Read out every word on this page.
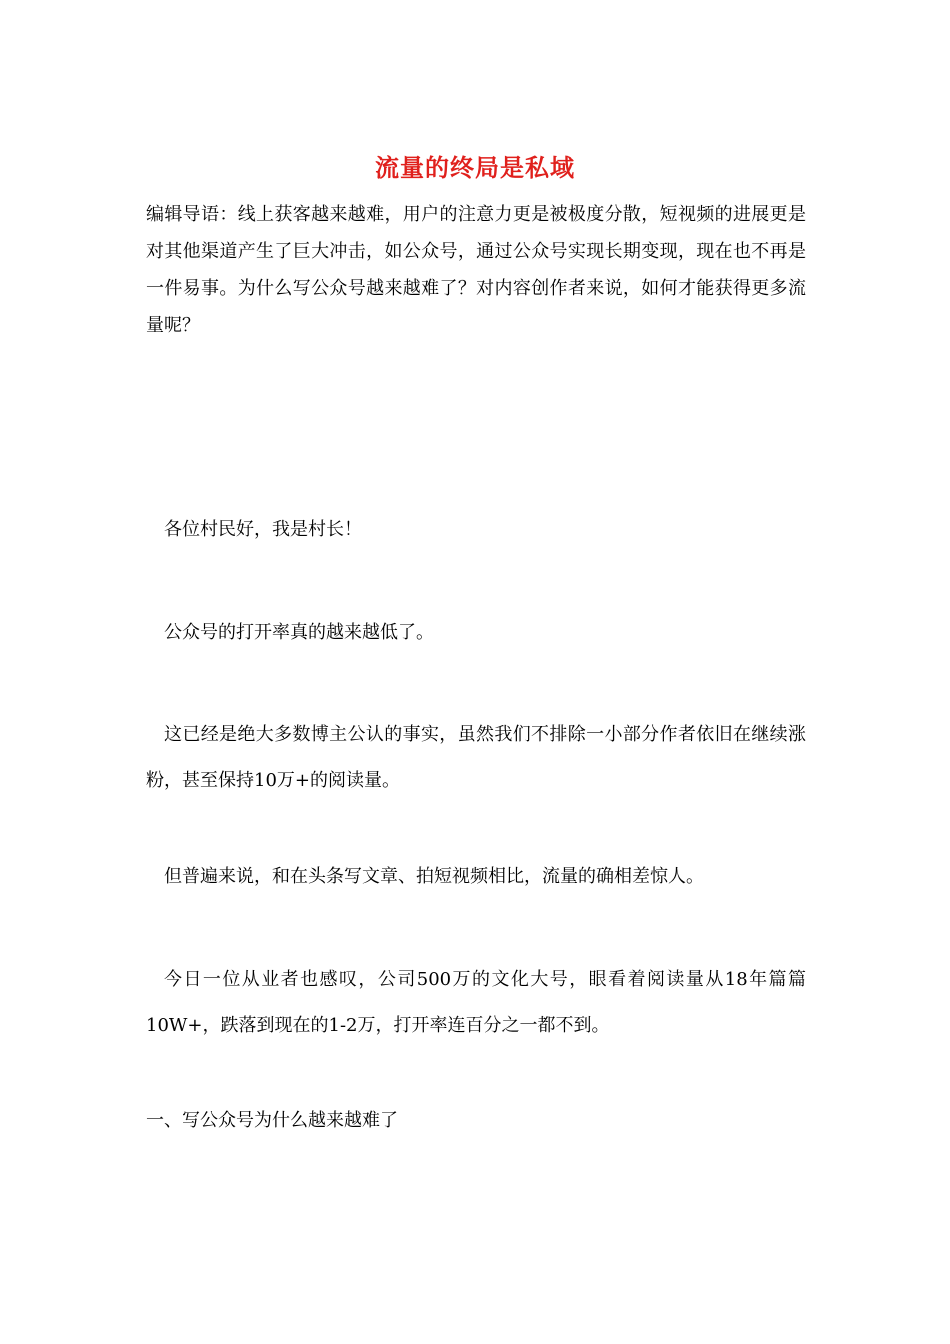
流量的终局是私域
编辑导语：线上获客越来越难，用户的注意力更是被极度分散，短视频的进展更是对其他渠道产生了巨大冲击，如公众号，通过公众号实现长期变现，现在也不再是一件易事。为什么写公众号越来越难了？对内容创作者来说，如何才能获得更多流量呢？
各位村民好，我是村长！
公众号的打开率真的越来越低了。
这已经是绝大多数博主公认的事实，虽然我们不排除一小部分作者依旧在继续涨粉，甚至保持10万+的阅读量。
但普遍来说，和在头条写文章、拍短视频相比，流量的确相差惊人。
今日一位从业者也感叹，公司500万的文化大号，眼看着阅读量从18年篇篇10W+，跌落到现在的1-2万，打开率连百分之一都不到。
一、写公众号为什么越来越难了
